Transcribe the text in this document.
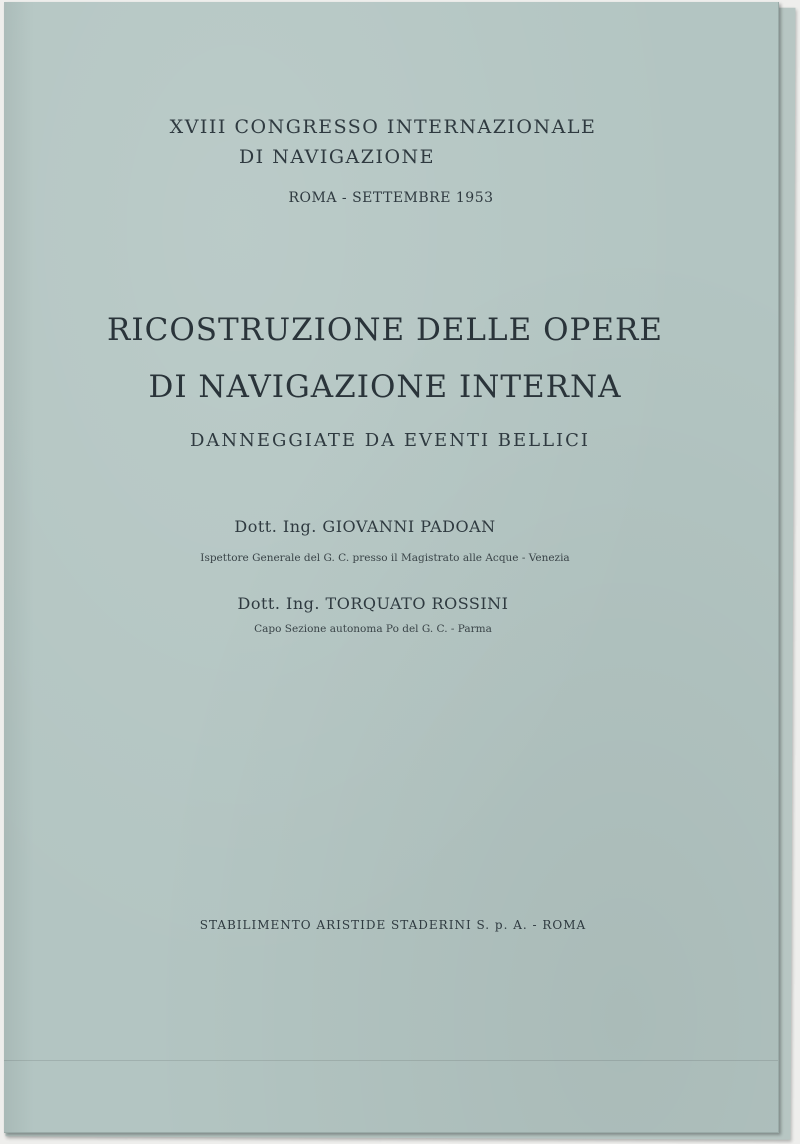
XVIII CONGRESSO INTERNAZIONALE
DI NAVIGAZIONE
ROMA - SETTEMBRE 1953
RICOSTRUZIONE DELLE OPERE
DI NAVIGAZIONE INTERNA
DANNEGGIATE DA EVENTI BELLICI
Dott. Ing. GIOVANNI PADOAN
Ispettore Generale del G. C. presso il Magistrato alle Acque - Venezia
Dott. Ing. TORQUATO ROSSINI
Capo Sezione autonoma Po del G. C. - Parma
STABILIMENTO ARISTIDE STADERINI S. p. A. - ROMA
